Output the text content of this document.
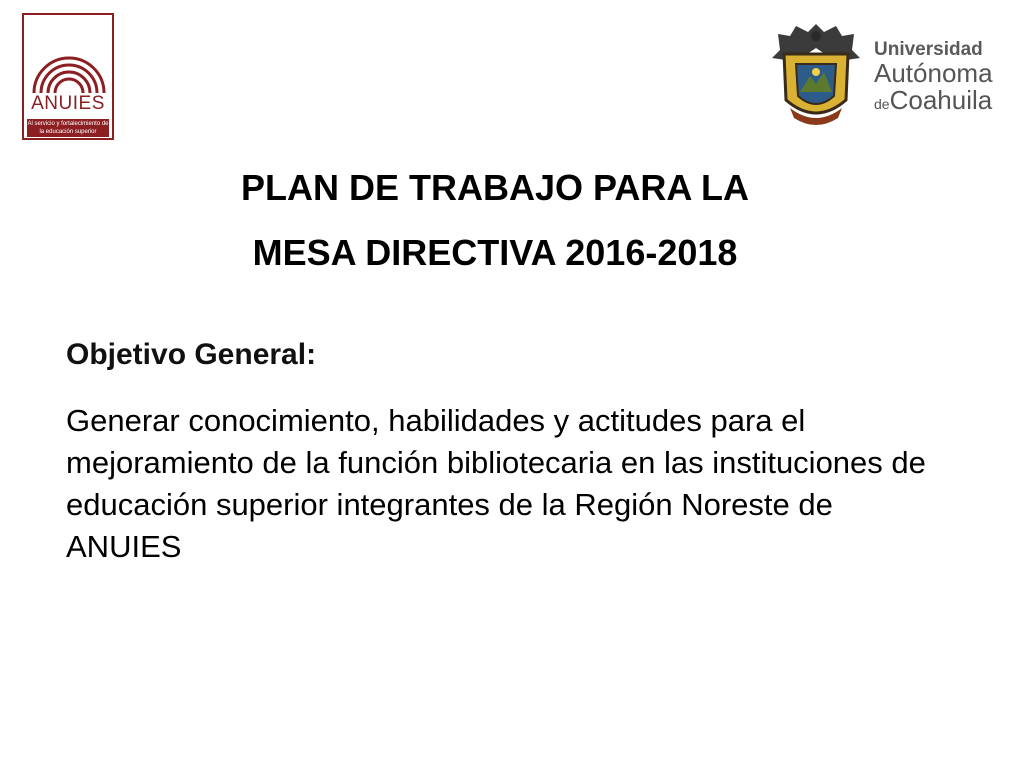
ANUIES
Al servicio y fortalecimiento de la educación superior
Universidad
Autónoma
deCoahuila
PLAN DE TRABAJO PARA LA
MESA DIRECTIVA 2016-2018
Objetivo General:
Generar conocimiento, habilidades y actitudes para el mejoramiento de la función bibliotecaria en las instituciones de educación superior integrantes de la Región Noreste de ANUIES
